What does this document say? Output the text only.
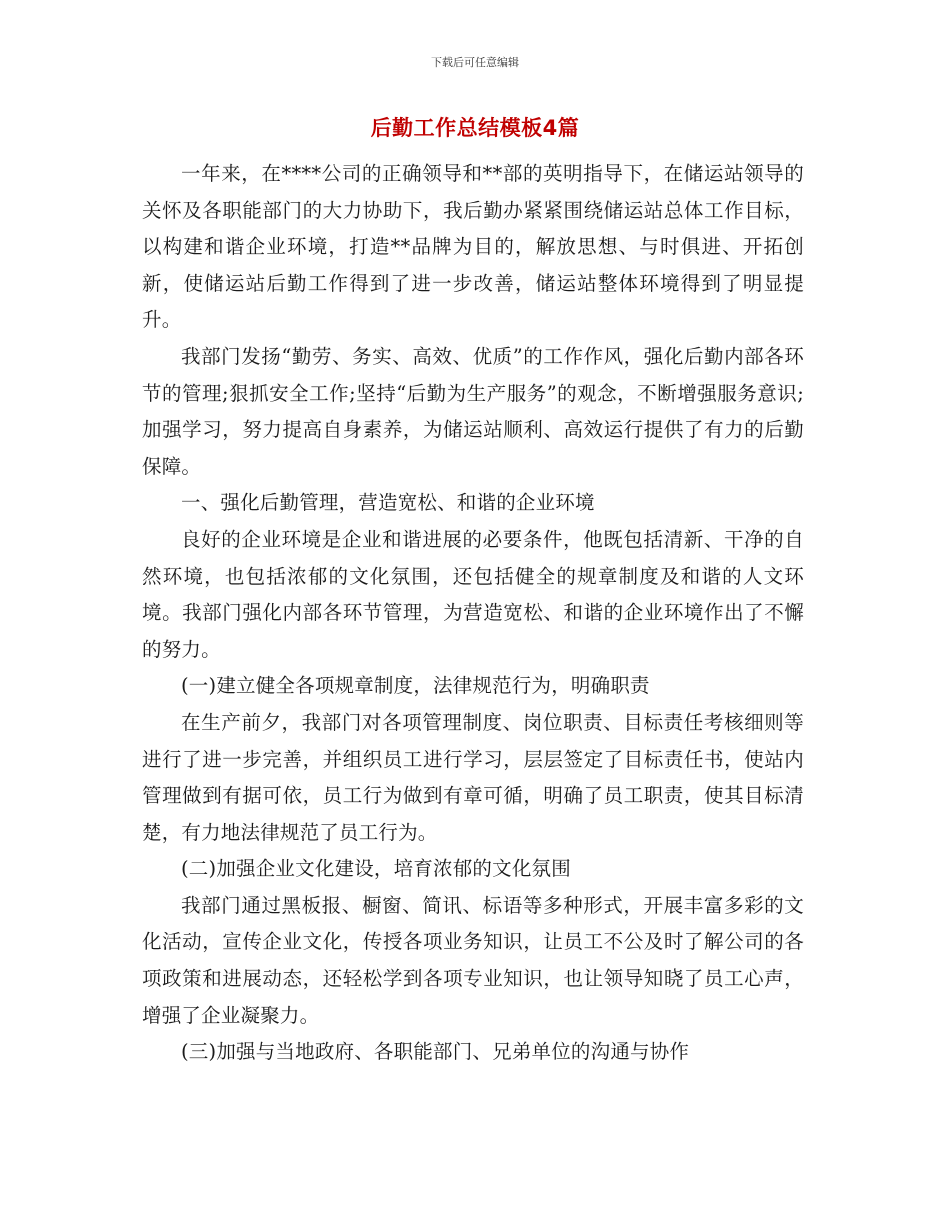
下载后可任意编辑
后勤工作总结模板4篇

一年来，在****公司的正确领导和**部的英明指导下，在储运站领导的关怀及各职能部门的大力协助下，我后勤办紧紧围绕储运站总体工作目标，以构建和谐企业环境，打造**品牌为目的，解放思想、与时俱进、开拓创新，使储运站后勤工作得到了进一步改善，储运站整体环境得到了明显提升。

我部门发扬“勤劳、务实、高效、优质”的工作作风，强化后勤内部各环节的管理;狠抓安全工作;坚持“后勤为生产服务”的观念，不断增强服务意识;加强学习，努力提高自身素养，为储运站顺利、高效运行提供了有力的后勤保障。

一、强化后勤管理，营造宽松、和谐的企业环境

良好的企业环境是企业和谐进展的必要条件，他既包括清新、干净的自然环境，也包括浓郁的文化氛围，还包括健全的规章制度及和谐的人文环境。我部门强化内部各环节管理，为营造宽松、和谐的企业环境作出了不懈的努力。

(一)建立健全各项规章制度，法律规范行为，明确职责

在生产前夕，我部门对各项管理制度、岗位职责、目标责任考核细则等进行了进一步完善，并组织员工进行学习，层层签定了目标责任书，使站内管理做到有据可依，员工行为做到有章可循，明确了员工职责，使其目标清楚，有力地法律规范了员工行为。

(二)加强企业文化建设，培育浓郁的文化氛围

我部门通过黑板报、橱窗、简讯、标语等多种形式，开展丰富多彩的文化活动，宣传企业文化，传授各项业务知识，让员工不公及时了解公司的各项政策和进展动态，还轻松学到各项专业知识，也让领导知晓了员工心声，增强了企业凝聚力。

(三)加强与当地政府、各职能部门、兄弟单位的沟通与协作
